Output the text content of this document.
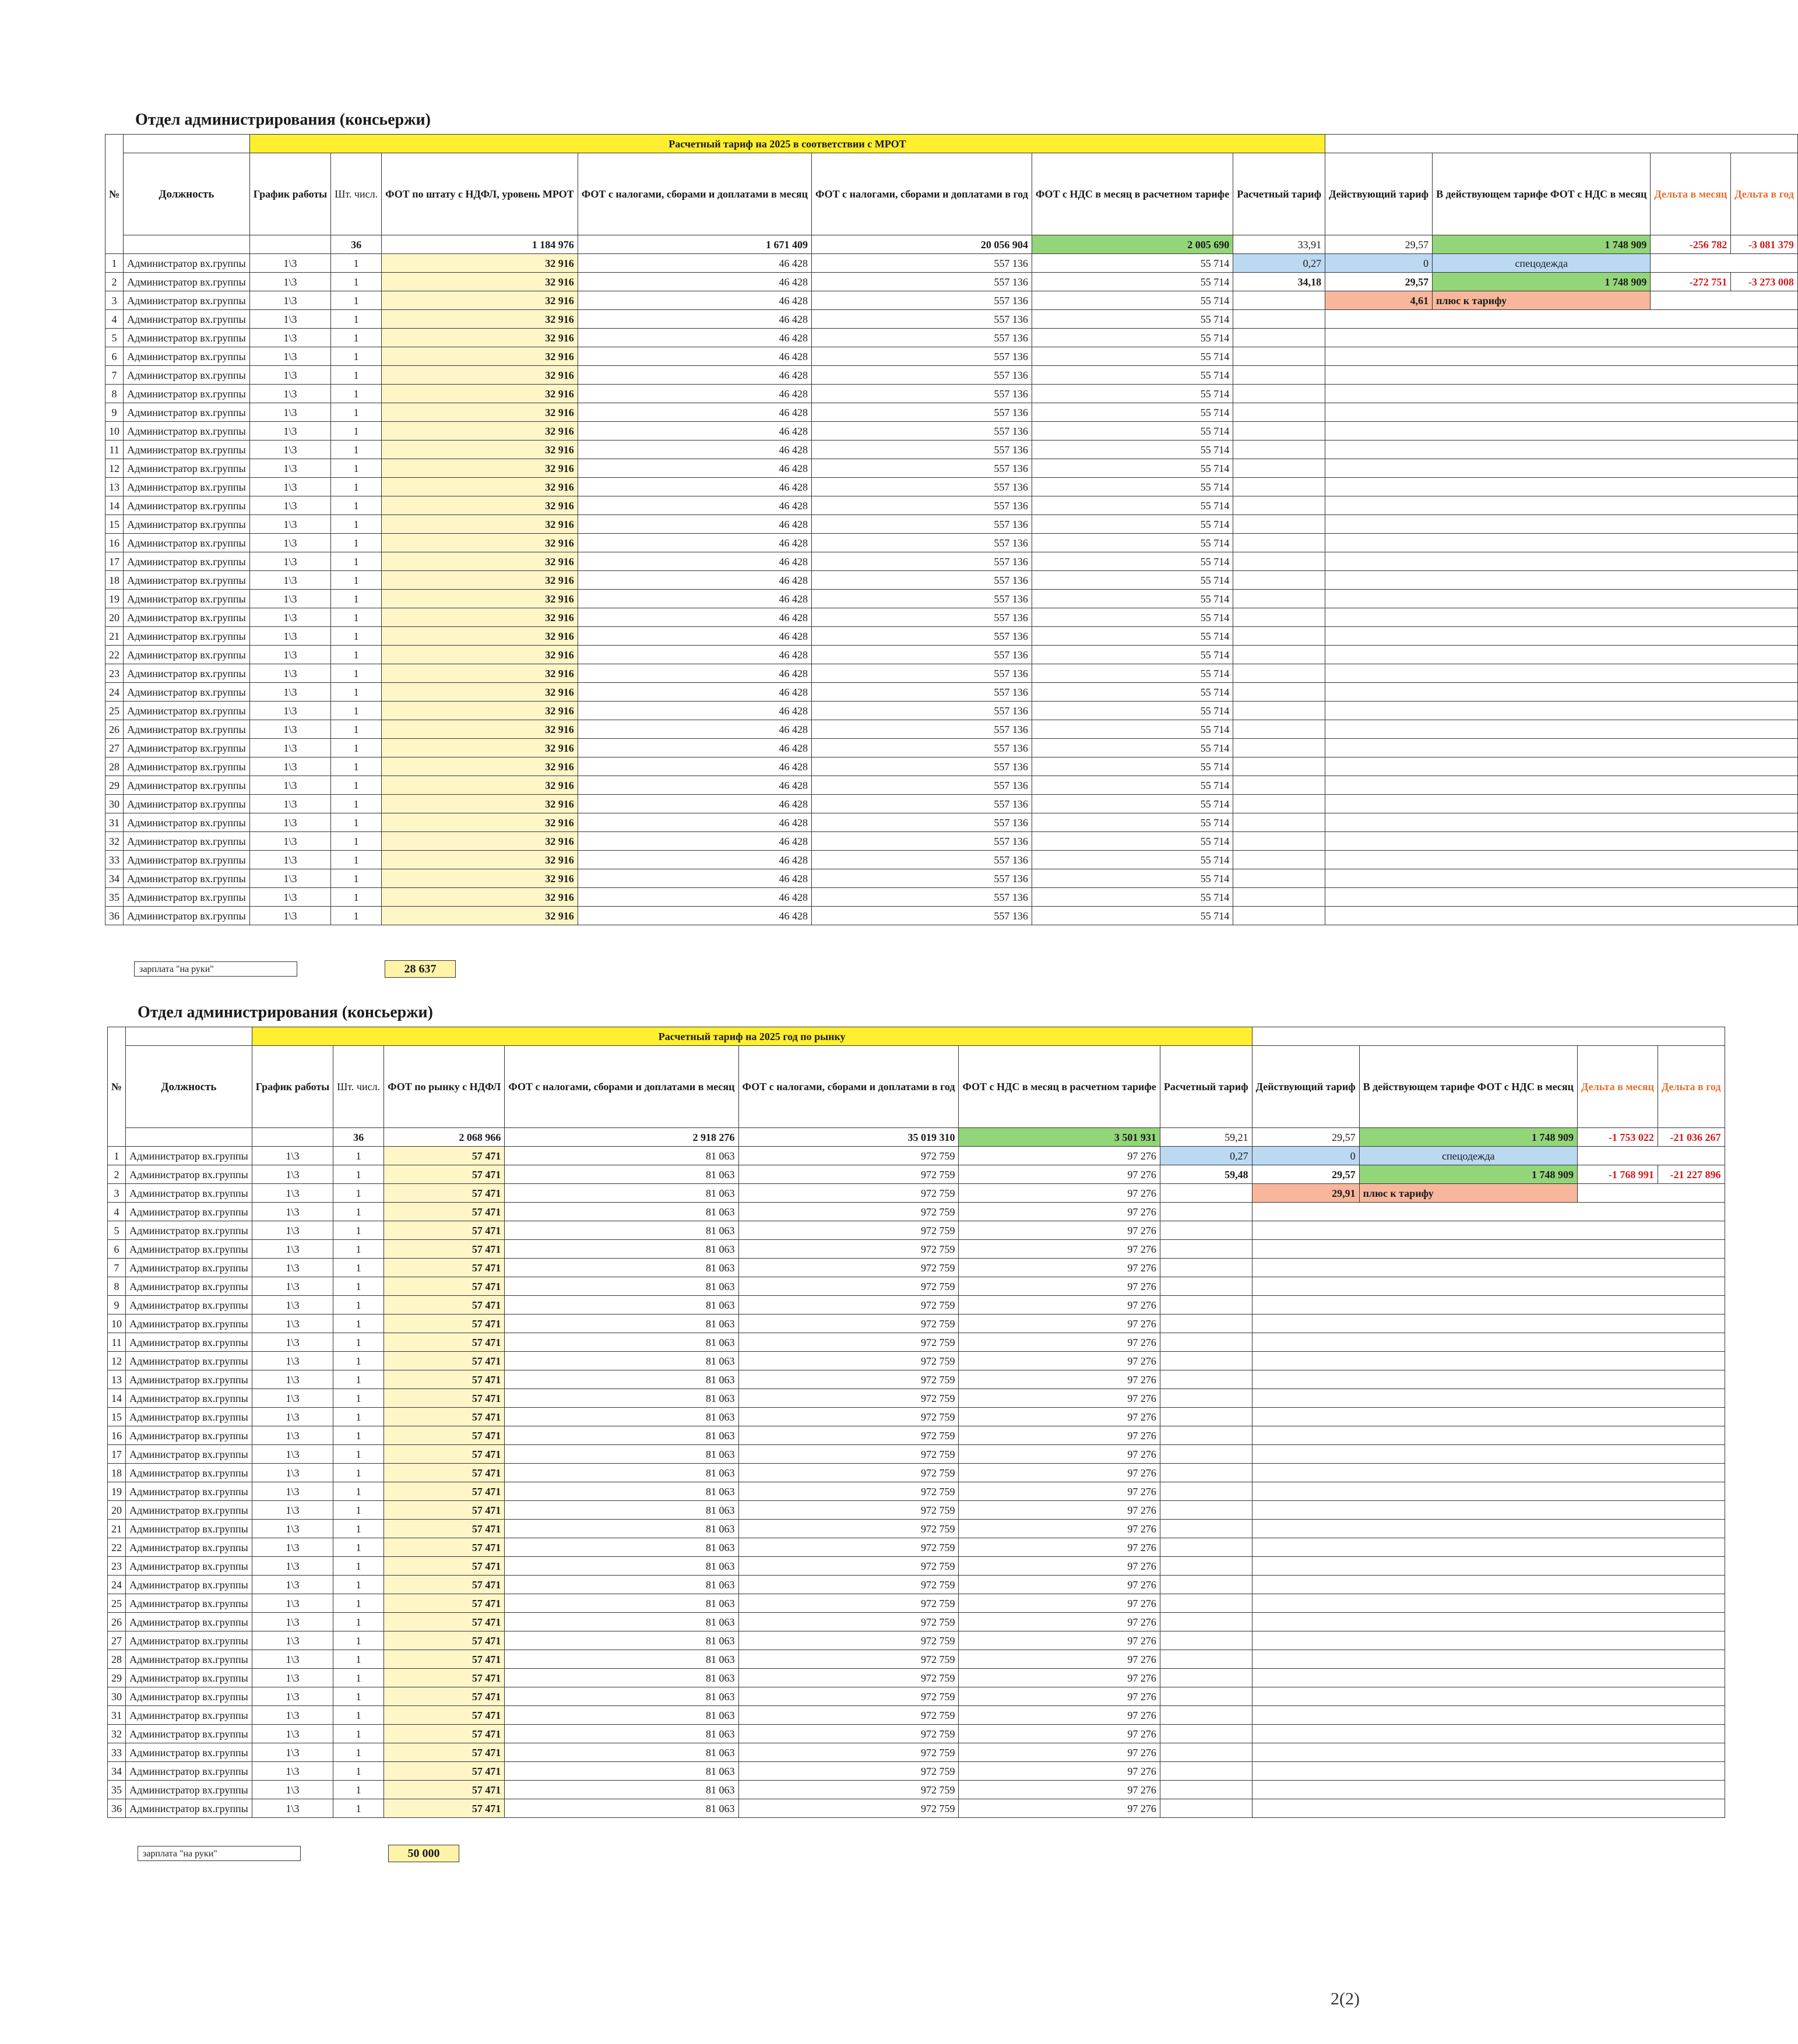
Отдел администрирования (консьержи)
№		Расчетный тариф на 2025 в соответствии с МРОТ										
	Должность	График работы	Шт. числ.	ФОТ по штату с НДФЛ, уровень МРОТ	ФОТ с налогами, сборами и доплатами в месяц	ФОТ с налогами, сборами и доплатами в год	ФОТ с НДС в месяц в расчетном тарифе	Расчетный тариф	Действующий тариф	В действующем тарифе ФОТ с НДС в месяц	Дельта в месяц	Дельта в год
			36	1 184 976	1 671 409	20 056 904	2 005 690	33,91	29,57	1 748 909	-256 782	-3 081 379
1	Администратор вх.группы	1\3	1	32 916	46 428	557 136	55 714	0,27	0	спецодежда		
2	Администратор вх.группы	1\3	1	32 916	46 428	557 136	55 714	34,18	29,57	1 748 909	-272 751	-3 273 008
3	Администратор вх.группы	1\3	1	32 916	46 428	557 136	55 714		4,61	плюс к тарифу		
4	Администратор вх.группы	1\3	1	32 916	46 428	557 136	55 714					
5	Администратор вх.группы	1\3	1	32 916	46 428	557 136	55 714					
6	Администратор вх.группы	1\3	1	32 916	46 428	557 136	55 714					
7	Администратор вх.группы	1\3	1	32 916	46 428	557 136	55 714					
8	Администратор вх.группы	1\3	1	32 916	46 428	557 136	55 714					
9	Администратор вх.группы	1\3	1	32 916	46 428	557 136	55 714					
10	Администратор вх.группы	1\3	1	32 916	46 428	557 136	55 714					
11	Администратор вх.группы	1\3	1	32 916	46 428	557 136	55 714					
12	Администратор вх.группы	1\3	1	32 916	46 428	557 136	55 714					
13	Администратор вх.группы	1\3	1	32 916	46 428	557 136	55 714					
14	Администратор вх.группы	1\3	1	32 916	46 428	557 136	55 714					
15	Администратор вх.группы	1\3	1	32 916	46 428	557 136	55 714					
16	Администратор вх.группы	1\3	1	32 916	46 428	557 136	55 714					
17	Администратор вх.группы	1\3	1	32 916	46 428	557 136	55 714					
18	Администратор вх.группы	1\3	1	32 916	46 428	557 136	55 714					
19	Администратор вх.группы	1\3	1	32 916	46 428	557 136	55 714					
20	Администратор вх.группы	1\3	1	32 916	46 428	557 136	55 714					
21	Администратор вх.группы	1\3	1	32 916	46 428	557 136	55 714					
22	Администратор вх.группы	1\3	1	32 916	46 428	557 136	55 714					
23	Администратор вх.группы	1\3	1	32 916	46 428	557 136	55 714					
24	Администратор вх.группы	1\3	1	32 916	46 428	557 136	55 714					
25	Администратор вх.группы	1\3	1	32 916	46 428	557 136	55 714					
26	Администратор вх.группы	1\3	1	32 916	46 428	557 136	55 714					
27	Администратор вх.группы	1\3	1	32 916	46 428	557 136	55 714					
28	Администратор вх.группы	1\3	1	32 916	46 428	557 136	55 714					
29	Администратор вх.группы	1\3	1	32 916	46 428	557 136	55 714					
30	Администратор вх.группы	1\3	1	32 916	46 428	557 136	55 714					
31	Администратор вх.группы	1\3	1	32 916	46 428	557 136	55 714					
32	Администратор вх.группы	1\3	1	32 916	46 428	557 136	55 714					
33	Администратор вх.группы	1\3	1	32 916	46 428	557 136	55 714					
34	Администратор вх.группы	1\3	1	32 916	46 428	557 136	55 714					
35	Администратор вх.группы	1\3	1	32 916	46 428	557 136	55 714					
36	Администратор вх.группы	1\3	1	32 916	46 428	557 136	55 714					
зарплата "на руки"	28 637
Отдел администрирования (консьержи)
№		Расчетный тариф на 2025 год по рынку										
	Должность	График работы	Шт. числ.	ФОТ по рынку с НДФЛ	ФОТ с налогами, сборами и доплатами в месяц	ФОТ с налогами, сборами и доплатами в год	ФОТ с НДС в месяц в расчетном тарифе	Расчетный тариф	Действующий тариф	В действующем тарифе ФОТ с НДС в месяц	Дельта в месяц	Дельта в год
			36	2 068 966	2 918 276	35 019 310	3 501 931	59,21	29,57	1 748 909	-1 753 022	-21 036 267
1	Администратор вх.группы	1\3	1	57 471	81 063	972 759	97 276	0,27	0	спецодежда		
2	Администратор вх.группы	1\3	1	57 471	81 063	972 759	97 276	59,48	29,57	1 748 909	-1 768 991	-21 227 896
3	Администратор вх.группы	1\3	1	57 471	81 063	972 759	97 276		29,91	плюс к тарифу		
4	Администратор вх.группы	1\3	1	57 471	81 063	972 759	97 276					
5	Администратор вх.группы	1\3	1	57 471	81 063	972 759	97 276					
6	Администратор вх.группы	1\3	1	57 471	81 063	972 759	97 276					
7	Администратор вх.группы	1\3	1	57 471	81 063	972 759	97 276					
8	Администратор вх.группы	1\3	1	57 471	81 063	972 759	97 276					
9	Администратор вх.группы	1\3	1	57 471	81 063	972 759	97 276					
10	Администратор вх.группы	1\3	1	57 471	81 063	972 759	97 276					
11	Администратор вх.группы	1\3	1	57 471	81 063	972 759	97 276					
12	Администратор вх.группы	1\3	1	57 471	81 063	972 759	97 276					
13	Администратор вх.группы	1\3	1	57 471	81 063	972 759	97 276					
14	Администратор вх.группы	1\3	1	57 471	81 063	972 759	97 276					
15	Администратор вх.группы	1\3	1	57 471	81 063	972 759	97 276					
16	Администратор вх.группы	1\3	1	57 471	81 063	972 759	97 276					
17	Администратор вх.группы	1\3	1	57 471	81 063	972 759	97 276					
18	Администратор вх.группы	1\3	1	57 471	81 063	972 759	97 276					
19	Администратор вх.группы	1\3	1	57 471	81 063	972 759	97 276					
20	Администратор вх.группы	1\3	1	57 471	81 063	972 759	97 276					
21	Администратор вх.группы	1\3	1	57 471	81 063	972 759	97 276					
22	Администратор вх.группы	1\3	1	57 471	81 063	972 759	97 276					
23	Администратор вх.группы	1\3	1	57 471	81 063	972 759	97 276					
24	Администратор вх.группы	1\3	1	57 471	81 063	972 759	97 276					
25	Администратор вх.группы	1\3	1	57 471	81 063	972 759	97 276					
26	Администратор вх.группы	1\3	1	57 471	81 063	972 759	97 276					
27	Администратор вх.группы	1\3	1	57 471	81 063	972 759	97 276					
28	Администратор вх.группы	1\3	1	57 471	81 063	972 759	97 276					
29	Администратор вх.группы	1\3	1	57 471	81 063	972 759	97 276					
30	Администратор вх.группы	1\3	1	57 471	81 063	972 759	97 276					
31	Администратор вх.группы	1\3	1	57 471	81 063	972 759	97 276					
32	Администратор вх.группы	1\3	1	57 471	81 063	972 759	97 276					
33	Администратор вх.группы	1\3	1	57 471	81 063	972 759	97 276					
34	Администратор вх.группы	1\3	1	57 471	81 063	972 759	97 276					
35	Администратор вх.группы	1\3	1	57 471	81 063	972 759	97 276					
36	Администратор вх.группы	1\3	1	57 471	81 063	972 759	97 276					
зарплата "на руки"	50 000
2(2)
